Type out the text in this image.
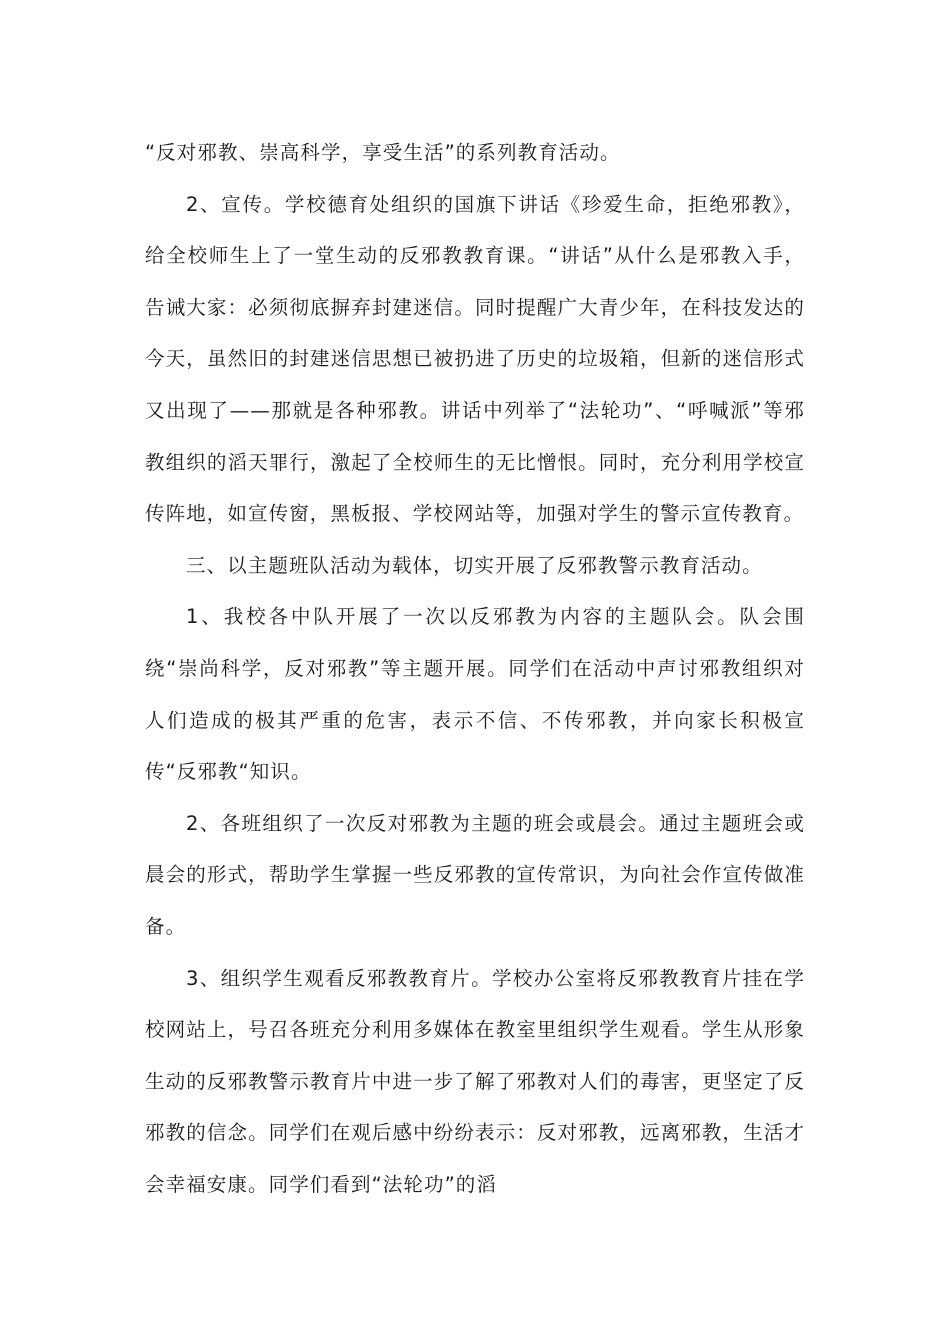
“反对邪教、崇高科学，享受生活”的系列教育活动。

2、宣传。学校德育处组织的国旗下讲话《珍爱生命，拒绝邪教》，给全校师生上了一堂生动的反邪教教育课。“讲话”从什么是邪教入手，告诫大家：必须彻底摒弃封建迷信。同时提醒广大青少年，在科技发达的今天，虽然旧的封建迷信思想已被扔进了历史的垃圾箱，但新的迷信形式又出现了——那就是各种邪教。讲话中列举了“法轮功”、“呼喊派”等邪教组织的滔天罪行，激起了全校师生的无比憎恨。同时，充分利用学校宣传阵地，如宣传窗，黑板报、学校网站等，加强对学生的警示宣传教育。

三、以主题班队活动为载体，切实开展了反邪教警示教育活动。

1、我校各中队开展了一次以反邪教为内容的主题队会。队会围绕“崇尚科学，反对邪教”等主题开展。同学们在活动中声讨邪教组织对人们造成的极其严重的危害，表示不信、不传邪教，并向家长积极宣传“反邪教“知识。

2、各班组织了一次反对邪教为主题的班会或晨会。通过主题班会或晨会的形式，帮助学生掌握一些反邪教的宣传常识，为向社会作宣传做准备。

3、组织学生观看反邪教教育片。学校办公室将反邪教教育片挂在学校网站上，号召各班充分利用多媒体在教室里组织学生观看。学生从形象生动的反邪教警示教育片中进一步了解了邪教对人们的毒害，更坚定了反邪教的信念。同学们在观后感中纷纷表示：反对邪教，远离邪教，生活才会幸福安康。同学们看到“法轮功”的滔
